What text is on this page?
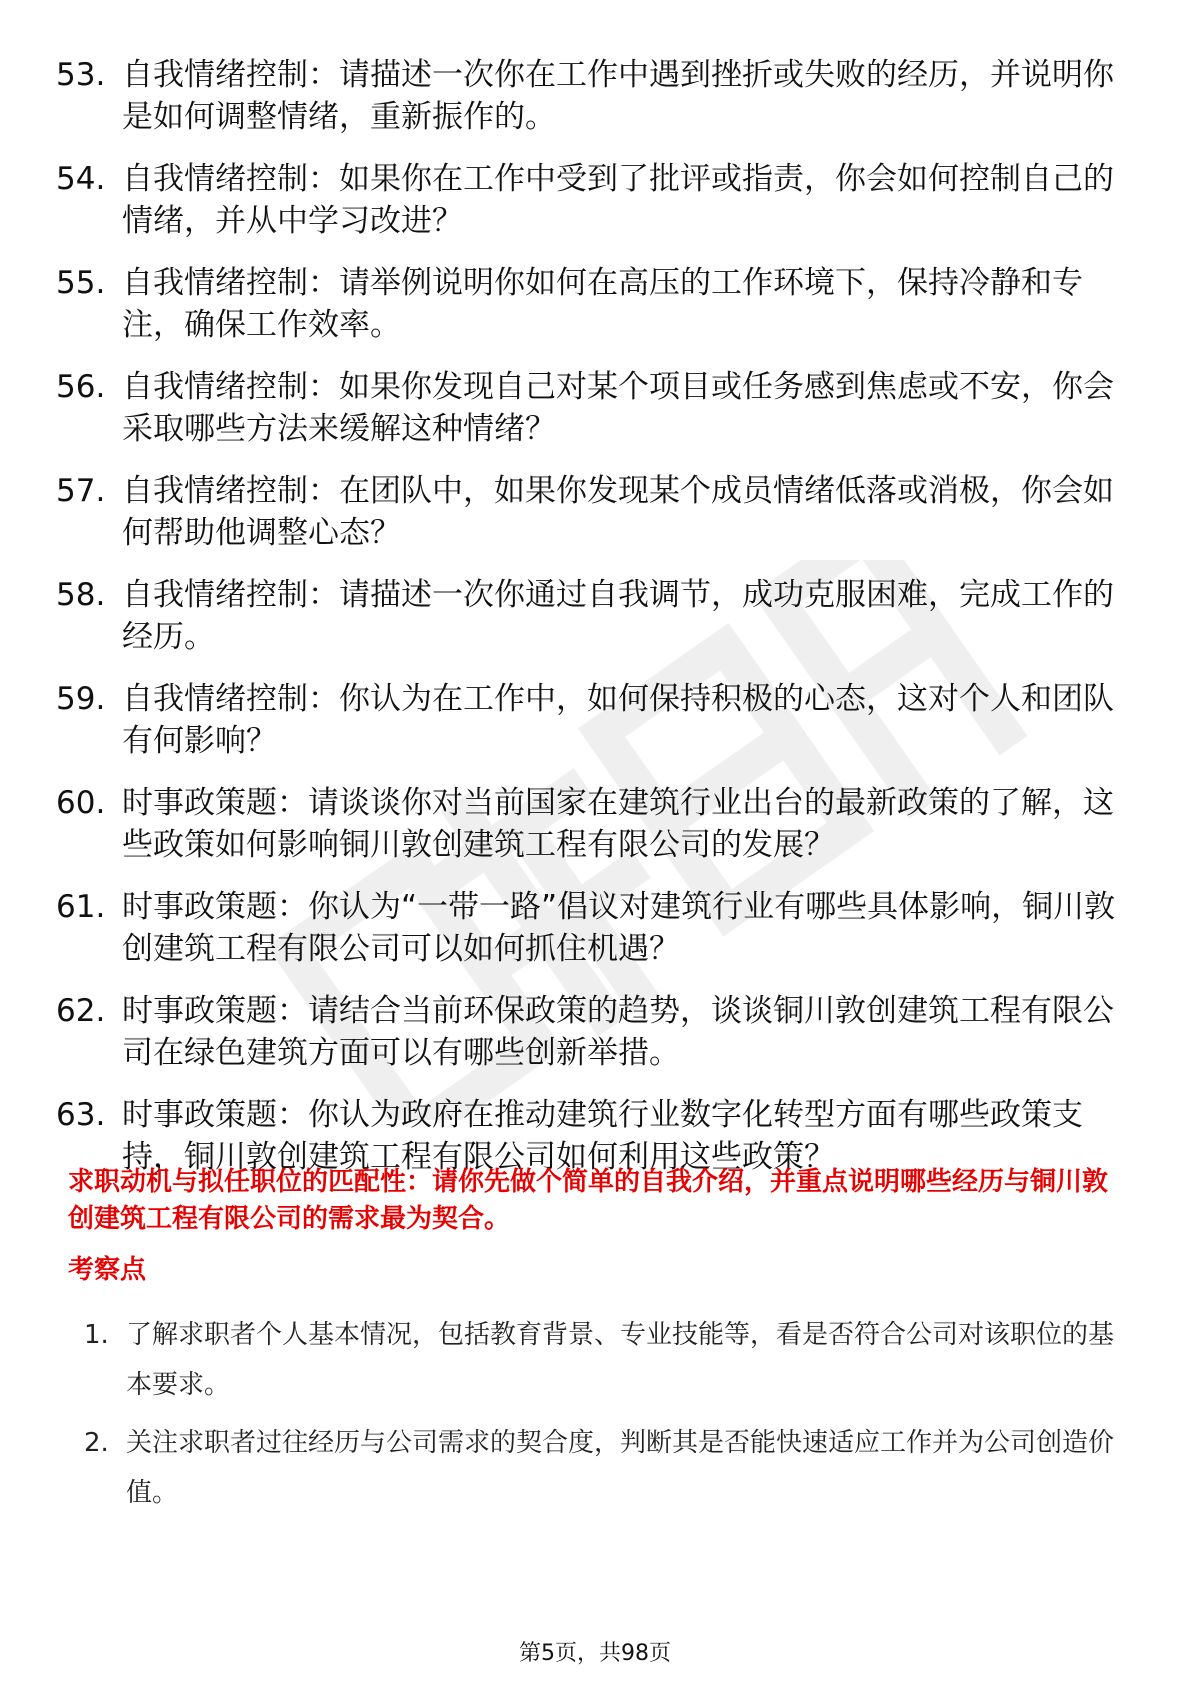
53. 自我情绪控制：请描述一次你在工作中遇到挫折或失败的经历，并说明你是如何调整情绪，重新振作的。
54. 自我情绪控制：如果你在工作中受到了批评或指责，你会如何控制自己的情绪，并从中学习改进？
55. 自我情绪控制：请举例说明你如何在高压的工作环境下，保持冷静和专注，确保工作效率。
56. 自我情绪控制：如果你发现自己对某个项目或任务感到焦虑或不安，你会采取哪些方法来缓解这种情绪？
57. 自我情绪控制：在团队中，如果你发现某个成员情绪低落或消极，你会如何帮助他调整心态？
58. 自我情绪控制：请描述一次你通过自我调节，成功克服困难，完成工作的经历。
59. 自我情绪控制：你认为在工作中，如何保持积极的心态，这对个人和团队有何影响？
60. 时事政策题：请谈谈你对当前国家在建筑行业出台的最新政策的了解，这些政策如何影响铜川敦创建筑工程有限公司的发展？
61. 时事政策题：你认为“一带一路”倡议对建筑行业有哪些具体影响，铜川敦创建筑工程有限公司可以如何抓住机遇？
62. 时事政策题：请结合当前环保政策的趋势，谈谈铜川敦创建筑工程有限公司在绿色建筑方面可以有哪些创新举措。
63. 时事政策题：你认为政府在推动建筑行业数字化转型方面有哪些政策支持，铜川敦创建筑工程有限公司如何利用这些政策？
求职动机与拟任职位的匹配性：请你先做个简单的自我介绍，并重点说明哪些经历与铜川敦创建筑工程有限公司的需求最为契合。
考察点
1. 了解求职者个人基本情况，包括教育背景、专业技能等，看是否符合公司对该职位的基本要求。
2. 关注求职者过往经历与公司需求的契合度，判断其是否能快速适应工作并为公司创造价值。
第5页，共98页
